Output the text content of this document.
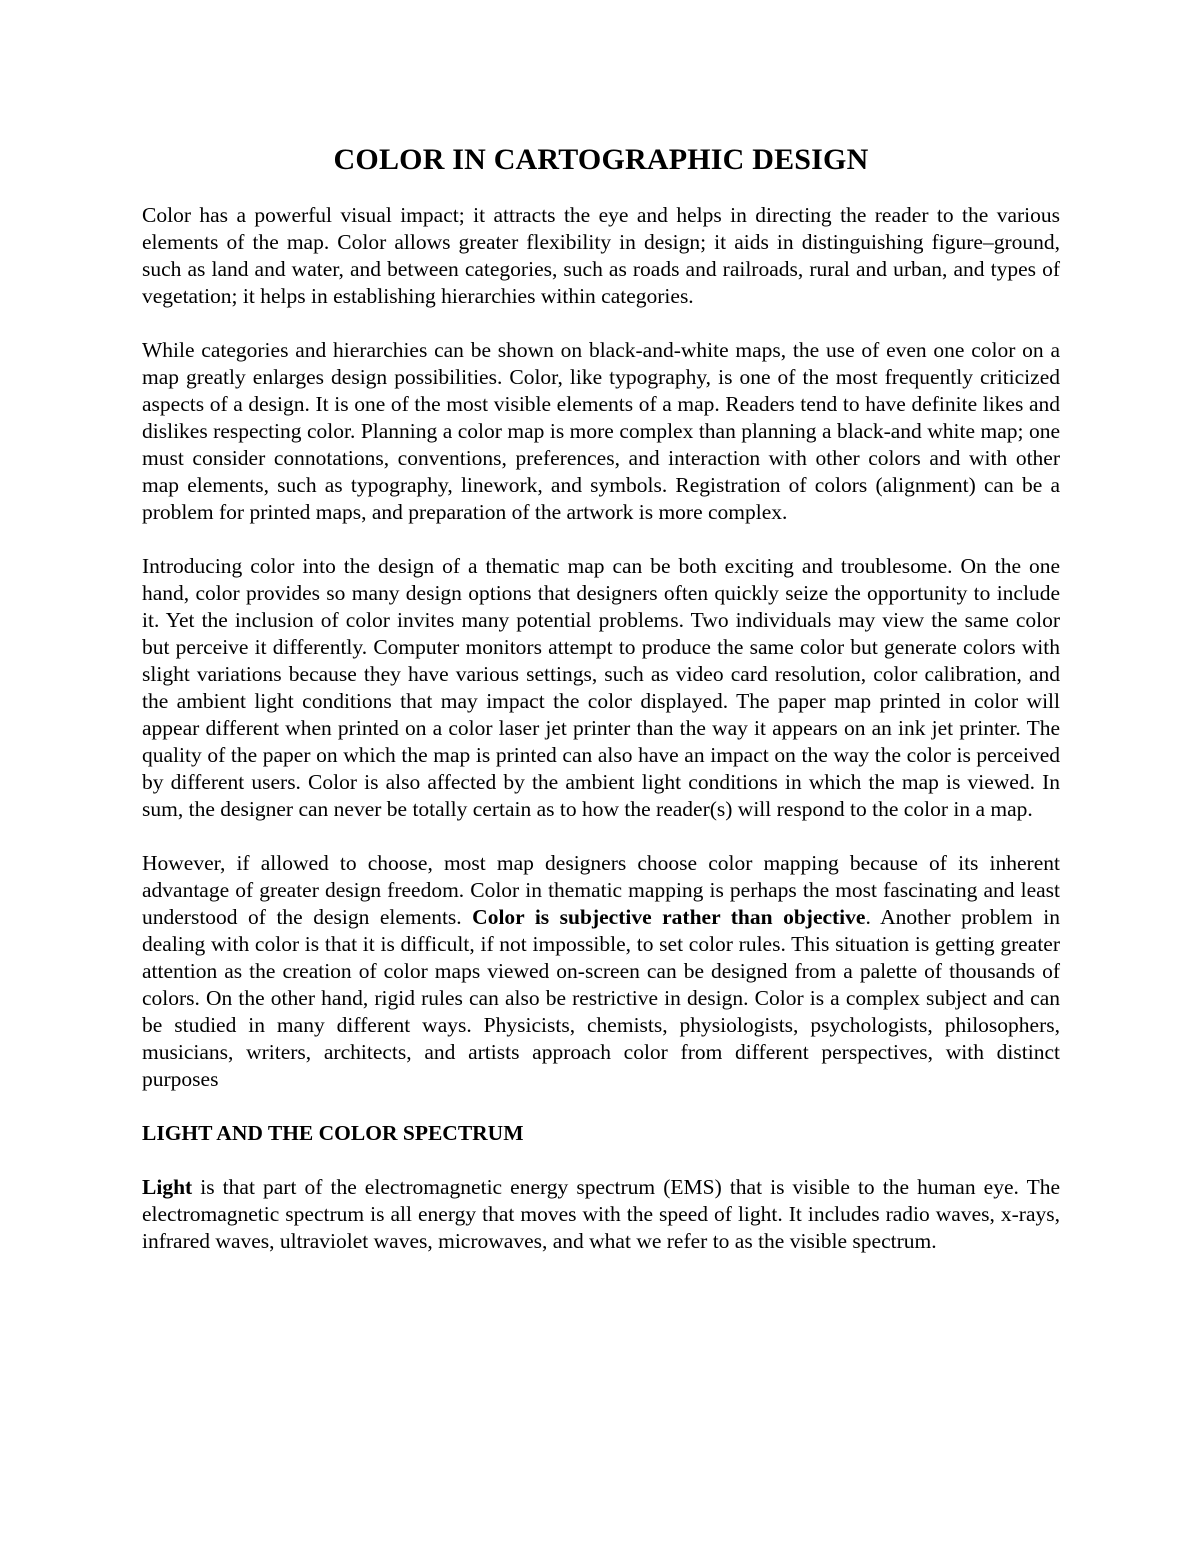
COLOR IN CARTOGRAPHIC DESIGN

Color has a powerful visual impact; it attracts the eye and helps in directing the reader to the various elements of the map. Color allows greater flexibility in design; it aids in distinguishing figure–ground, such as land and water, and between categories, such as roads and railroads, rural and urban, and types of vegetation; it helps in establishing hierarchies within categories.

While categories and hierarchies can be shown on black-and-white maps, the use of even one color on a map greatly enlarges design possibilities. Color, like typography, is one of the most frequently criticized aspects of a design. It is one of the most visible elements of a map. Readers tend to have definite likes and dislikes respecting color. Planning a color map is more complex than planning a black-and white map; one must consider connotations, conventions, preferences, and interaction with other colors and with other map elements, such as typography, linework, and symbols. Registration of colors (alignment) can be a problem for printed maps, and preparation of the artwork is more complex.

Introducing color into the design of a thematic map can be both exciting and troublesome. On the one hand, color provides so many design options that designers often quickly seize the opportunity to include it. Yet the inclusion of color invites many potential problems. Two individuals may view the same color but perceive it differently. Computer monitors attempt to produce the same color but generate colors with slight variations because they have various settings, such as video card resolution, color calibration, and the ambient light conditions that may impact the color displayed. The paper map printed in color will appear different when printed on a color laser jet printer than the way it appears on an ink jet printer. The quality of the paper on which the map is printed can also have an impact on the way the color is perceived by different users. Color is also affected by the ambient light conditions in which the map is viewed. In sum, the designer can never be totally certain as to how the reader(s) will respond to the color in a map.

However, if allowed to choose, most map designers choose color mapping because of its inherent advantage of greater design freedom. Color in thematic mapping is perhaps the most fascinating and least understood of the design elements. Color is subjective rather than objective. Another problem in dealing with color is that it is difficult, if not impossible, to set color rules. This situation is getting greater attention as the creation of color maps viewed on-screen can be designed from a palette of thousands of colors. On the other hand, rigid rules can also be restrictive in design. Color is a complex subject and can be studied in many different ways. Physicists, chemists, physiologists, psychologists, philosophers, musicians, writers, architects, and artists approach color from different perspectives, with distinct purposes

LIGHT AND THE COLOR SPECTRUM

Light is that part of the electromagnetic energy spectrum (EMS) that is visible to the human eye. The electromagnetic spectrum is all energy that moves with the speed of light. It includes radio waves, x-rays, infrared waves, ultraviolet waves, microwaves, and what we refer to as the visible spectrum.
